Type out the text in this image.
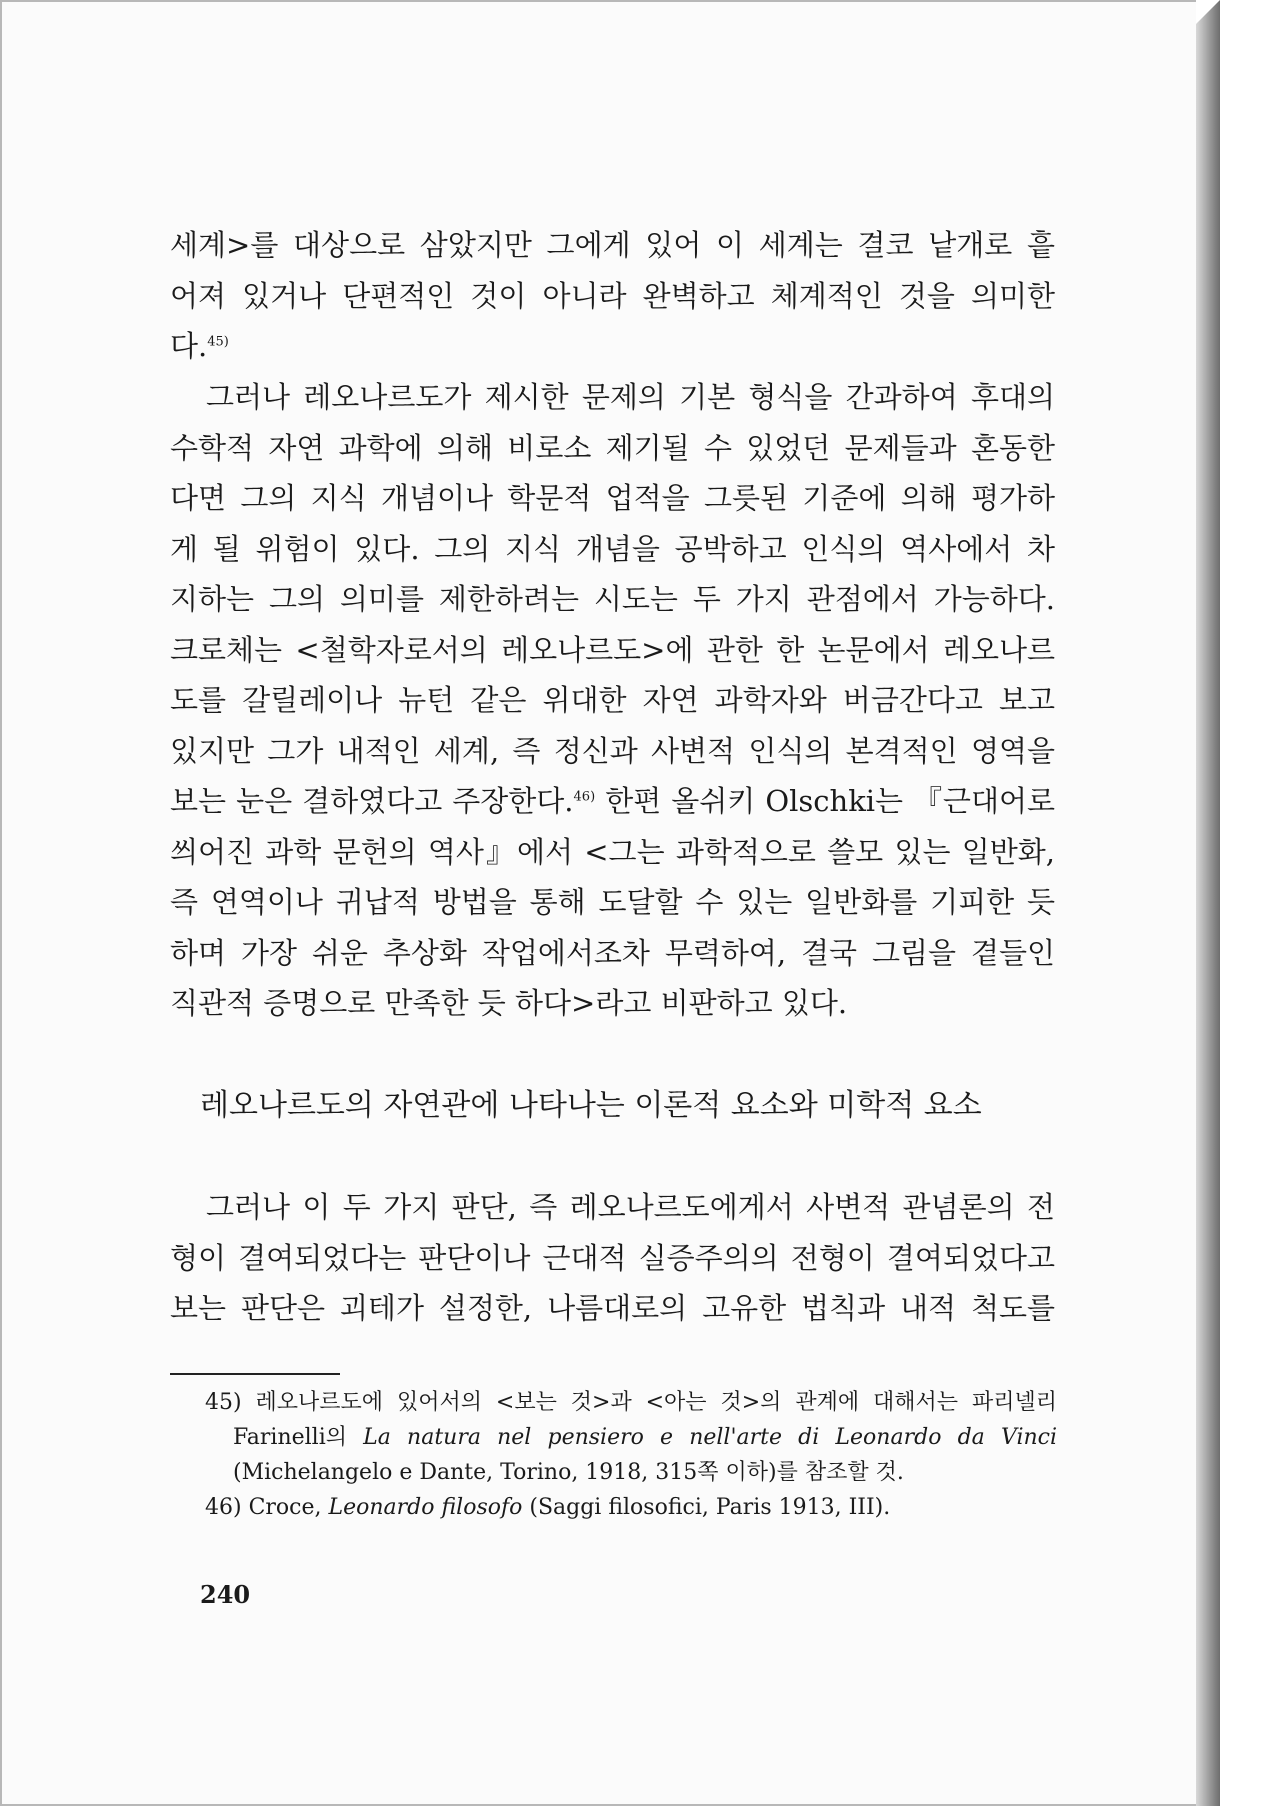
세계>를 대상으로 삼았지만 그에게 있어 이 세계는 결코 낱개로 흩
어져 있거나 단편적인 것이 아니라 완벽하고 체계적인 것을 의미한
다.$^{45)}$
그러나 레오나르도가 제시한 문제의 기본 형식을 간과하여 후대의
수학적 자연 과학에 의해 비로소 제기될 수 있었던 문제들과 혼동한
다면 그의 지식 개념이나 학문적 업적을 그릇된 기준에 의해 평가하
게 될 위험이 있다. 그의 지식 개념을 공박하고 인식의 역사에서 차
지하는 그의 의미를 제한하려는 시도는 두 가지 관점에서 가능하다.
크로체는 <철학자로서의 레오나르도>에 관한 한 논문에서 레오나르
도를 갈릴레이나 뉴턴 같은 위대한 자연 과학자와 버금간다고 보고
있지만 그가 내적인 세계, 즉 정신과 사변적 인식의 본격적인 영역을
보는 눈은 결하였다고 주장한다.$^{46)}$ 한편 올쉬키 Olschki는 『근대어로
씌어진 과학 문헌의 역사』에서 <그는 과학적으로 쓸모 있는 일반화,
즉 연역이나 귀납적 방법을 통해 도달할 수 있는 일반화를 기피한 듯
하며 가장 쉬운 추상화 작업에서조차 무력하여, 결국 그림을 곁들인
직관적 증명으로 만족한 듯 하다>라고 비판하고 있다.
레오나르도의 자연관에 나타나는 이론적 요소와 미학적 요소
그러나 이 두 가지 판단, 즉 레오나르도에게서 사변적 관념론의 전
형이 결여되었다는 판단이나 근대적 실증주의의 전형이 결여되었다고
보는 판단은 괴테가 설정한, 나름대로의 고유한 법칙과 내적 척도를
45) 레오나르도에 있어서의 <보는 것>과 <아는 것>의 관계에 대해서는 파리넬리
Farinelli의 La natura nel pensiero e nell'arte di Leonardo da Vinci
(Michelangelo e Dante, Torino, 1918, 315쪽 이하)를 참조할 것.
46) Croce, Leonardo filosofo (Saggi filosofici, Paris 1913, III).
240
